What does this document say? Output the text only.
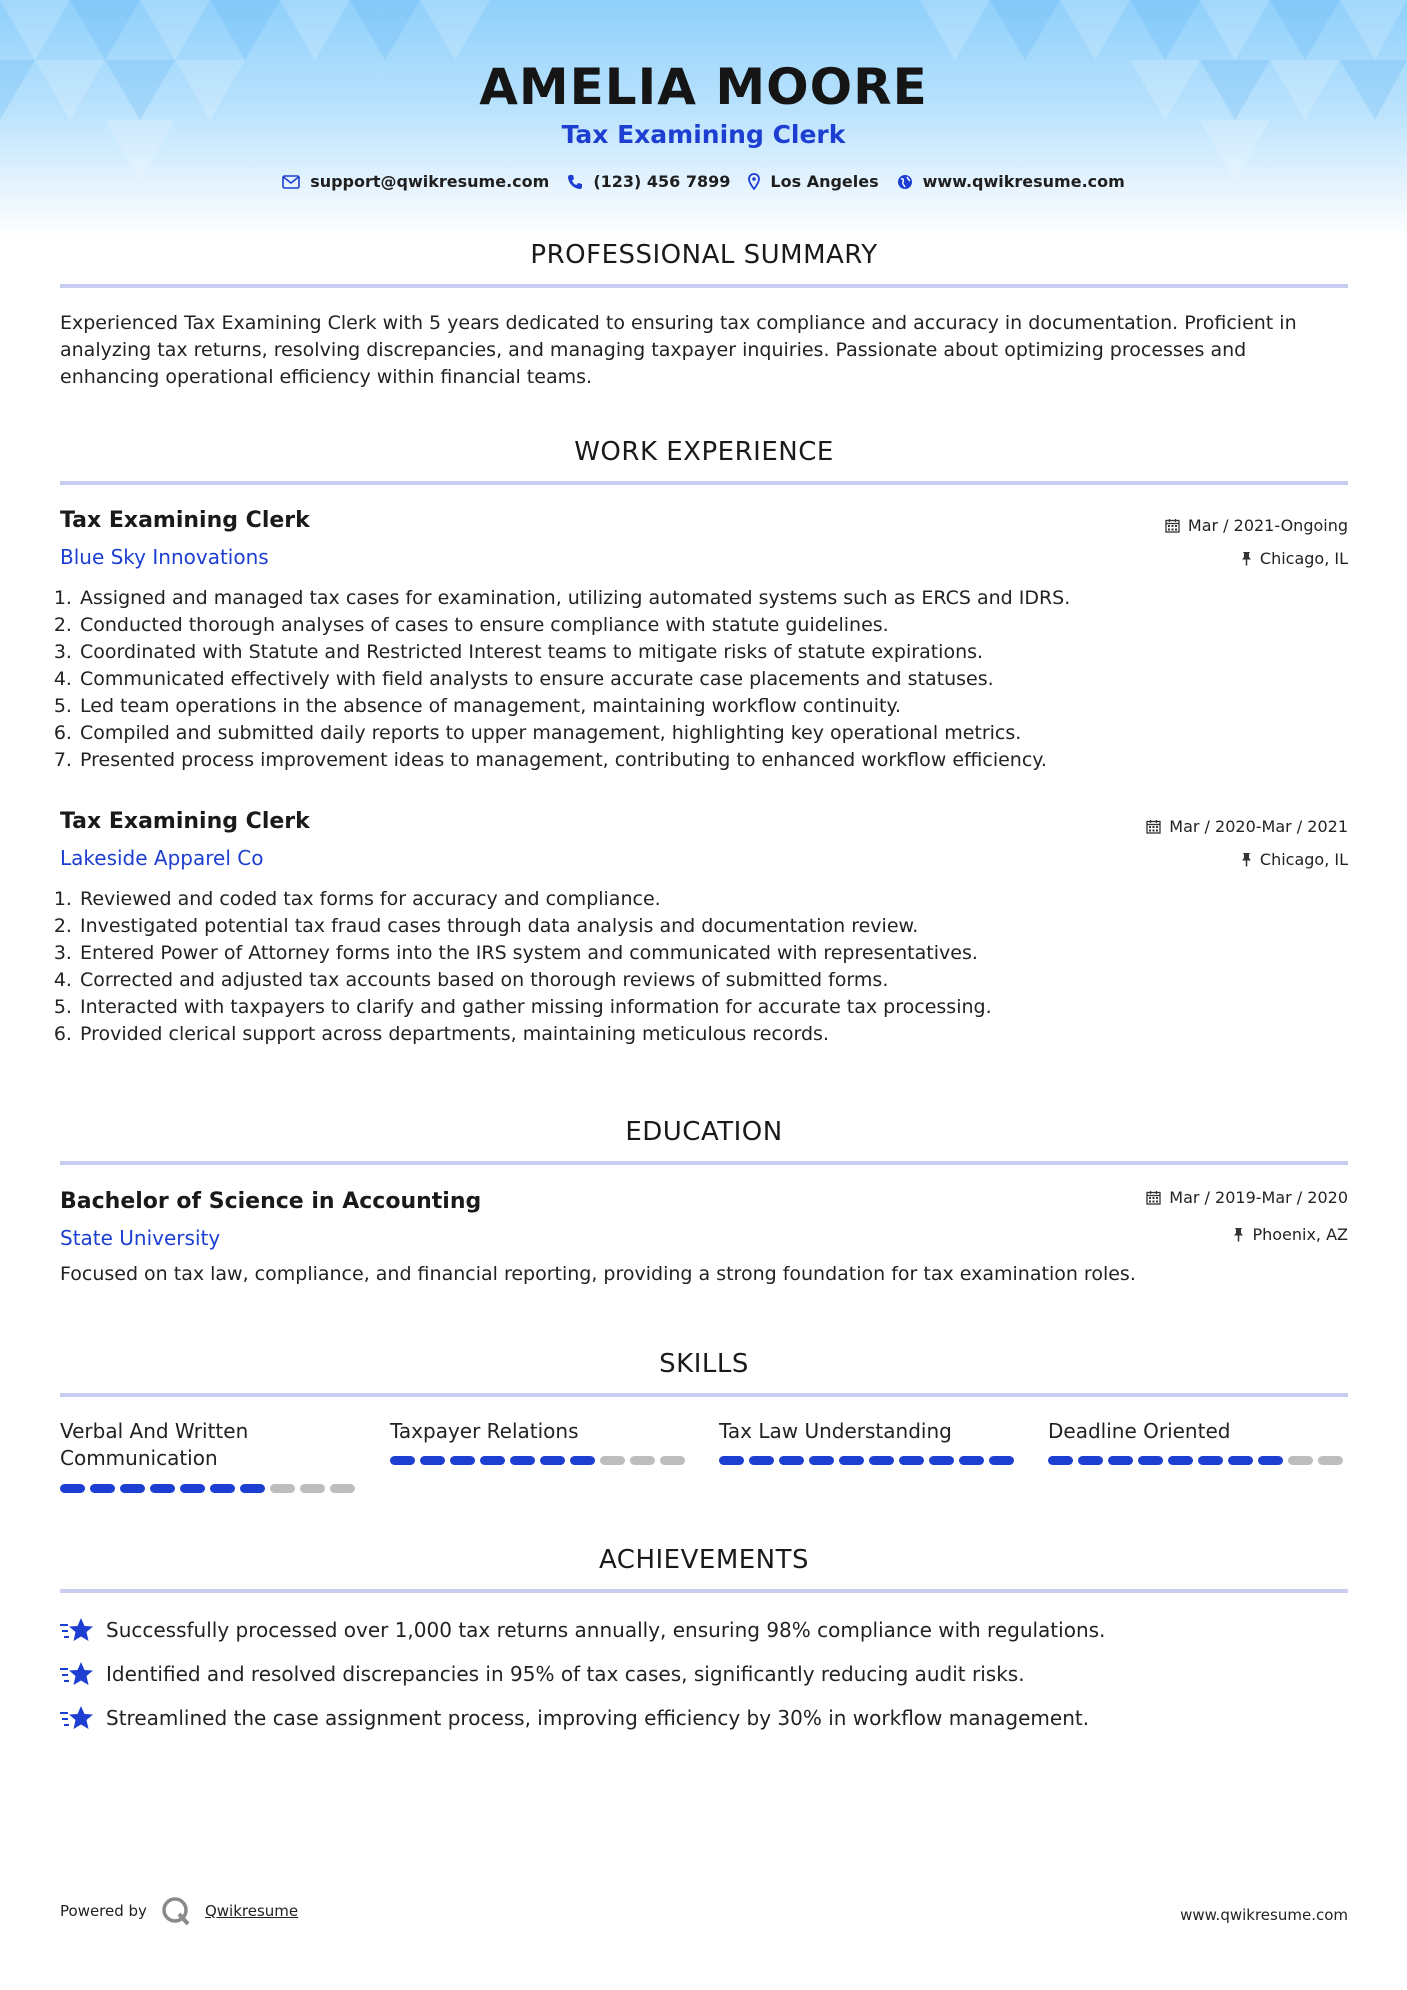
AMELIA MOORE
Tax Examining Clerk
support@qwikresume.com	(123) 456 7899	Los Angeles	www.qwikresume.com
PROFESSIONAL SUMMARY
Experienced Tax Examining Clerk with 5 years dedicated to ensuring tax compliance and accuracy in documentation. Proficient in analyzing tax returns, resolving discrepancies, and managing taxpayer inquiries. Passionate about optimizing processes and enhancing operational efficiency within financial teams.
WORK EXPERIENCE
Tax Examining Clerk
Blue Sky Innovations
Mar / 2021-Ongoing
Chicago, IL
1. Assigned and managed tax cases for examination, utilizing automated systems such as ERCS and IDRS.
2. Conducted thorough analyses of cases to ensure compliance with statute guidelines.
3. Coordinated with Statute and Restricted Interest teams to mitigate risks of statute expirations.
4. Communicated effectively with field analysts to ensure accurate case placements and statuses.
5. Led team operations in the absence of management, maintaining workflow continuity.
6. Compiled and submitted daily reports to upper management, highlighting key operational metrics.
7. Presented process improvement ideas to management, contributing to enhanced workflow efficiency.
Tax Examining Clerk
Lakeside Apparel Co
Mar / 2020-Mar / 2021
Chicago, IL
1. Reviewed and coded tax forms for accuracy and compliance.
2. Investigated potential tax fraud cases through data analysis and documentation review.
3. Entered Power of Attorney forms into the IRS system and communicated with representatives.
4. Corrected and adjusted tax accounts based on thorough reviews of submitted forms.
5. Interacted with taxpayers to clarify and gather missing information for accurate tax processing.
6. Provided clerical support across departments, maintaining meticulous records.
EDUCATION
Bachelor of Science in Accounting
State University
Mar / 2019-Mar / 2020
Phoenix, AZ
Focused on tax law, compliance, and financial reporting, providing a strong foundation for tax examination roles.
SKILLS
Verbal And Written Communication
Taxpayer Relations	Tax Law Understanding	Deadline Oriented
ACHIEVEMENTS
Successfully processed over 1,000 tax returns annually, ensuring 98% compliance with regulations.
Identified and resolved discrepancies in 95% of tax cases, significantly reducing audit risks.
Streamlined the case assignment process, improving efficiency by 30% in workflow management.
Powered by	Qwikresume	www.qwikresume.com
